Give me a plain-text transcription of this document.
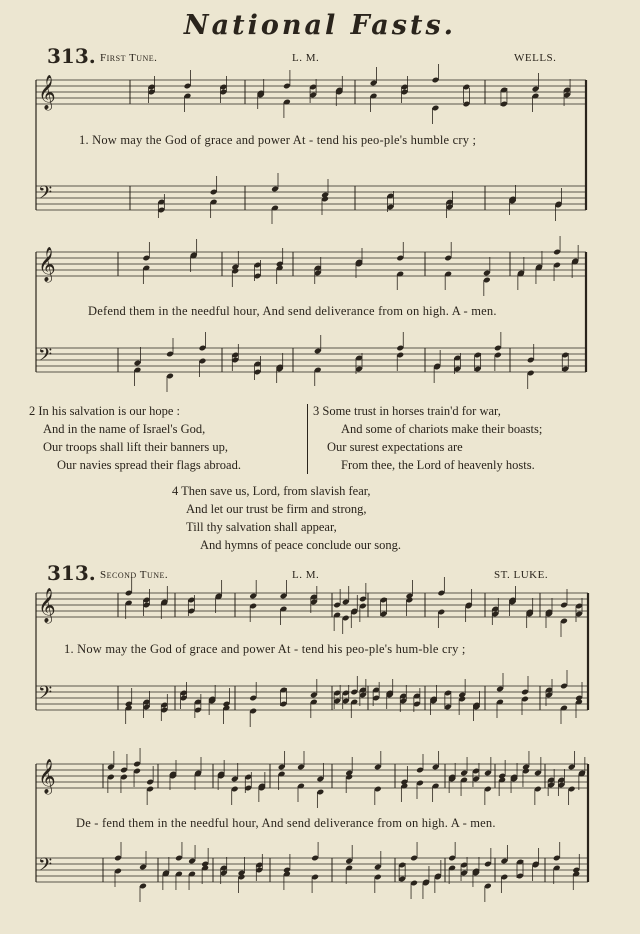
National Fasts.
313. First Tune.	L. M.	WELLS.
𝄞
𝄢
𝄞
𝄢
𝄞
𝄢
𝄞
𝄢
1. Now may the God of grace and power At - tend his peo-ple's humble cry ;
Defend them in the needful hour, And send deliverance from on high. A - men.
2 In his salvation is our hope :
And in the name of Israel's God,
Our troops shall lift their banners up,
Our navies spread their flags abroad.
3 Some trust in horses train'd for war,
And some of chariots make their boasts;
Our surest expectations are
From thee, the Lord of heavenly hosts.
4 Then save us, Lord, from slavish fear,
And let our trust be firm and strong,
Till thy salvation shall appear,
And hymns of peace conclude our song.
313. Second Tune.	L. M.	ST. LUKE.
1. Now may the God of grace and power At - tend his peo-ple's hum-ble cry ;
De - fend them in the needful hour, And send deliverance from on high. A - men.
